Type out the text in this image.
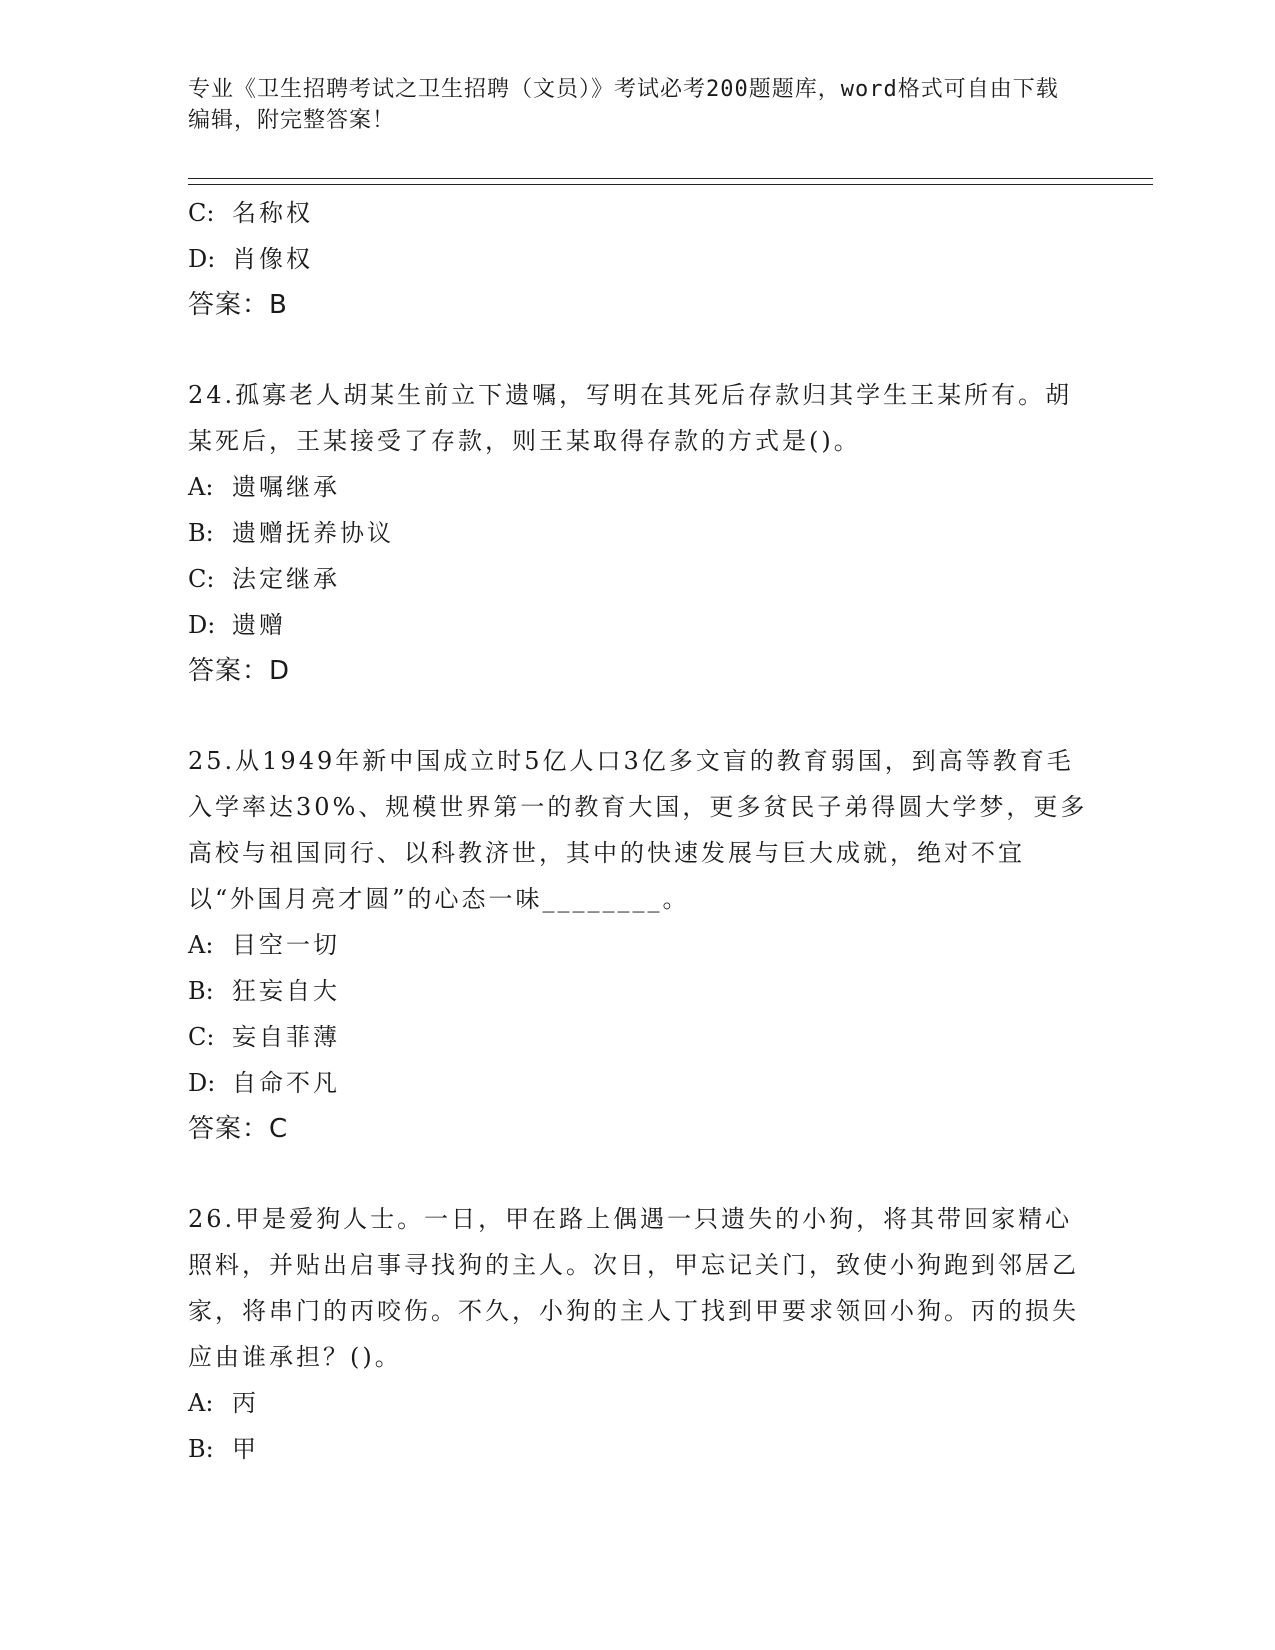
专业《卫生招聘考试之卫生招聘（文员）》考试必考200题题库，word格式可自由下载编辑，附完整答案！
C: 名称权
D: 肖像权
答案：B
24.孤寡老人胡某生前立下遗嘱，写明在其死后存款归其学生王某所有。胡某死后，王某接受了存款，则王某取得存款的方式是()。
A: 遗嘱继承
B: 遗赠抚养协议
C: 法定继承
D: 遗赠
答案：D
25.从1949年新中国成立时5亿人口3亿多文盲的教育弱国，到高等教育毛入学率达30%、规模世界第一的教育大国，更多贫民子弟得圆大学梦，更多高校与祖国同行、以科教济世，其中的快速发展与巨大成就，绝对不宜以“外国月亮才圆”的心态一味________。
A: 目空一切
B: 狂妄自大
C: 妄自菲薄
D: 自命不凡
答案：C
26.甲是爱狗人士。一日，甲在路上偶遇一只遗失的小狗，将其带回家精心照料，并贴出启事寻找狗的主人。次日，甲忘记关门，致使小狗跑到邻居乙家，将串门的丙咬伤。不久，小狗的主人丁找到甲要求领回小狗。丙的损失应由谁承担？()。
A: 丙
B: 甲
